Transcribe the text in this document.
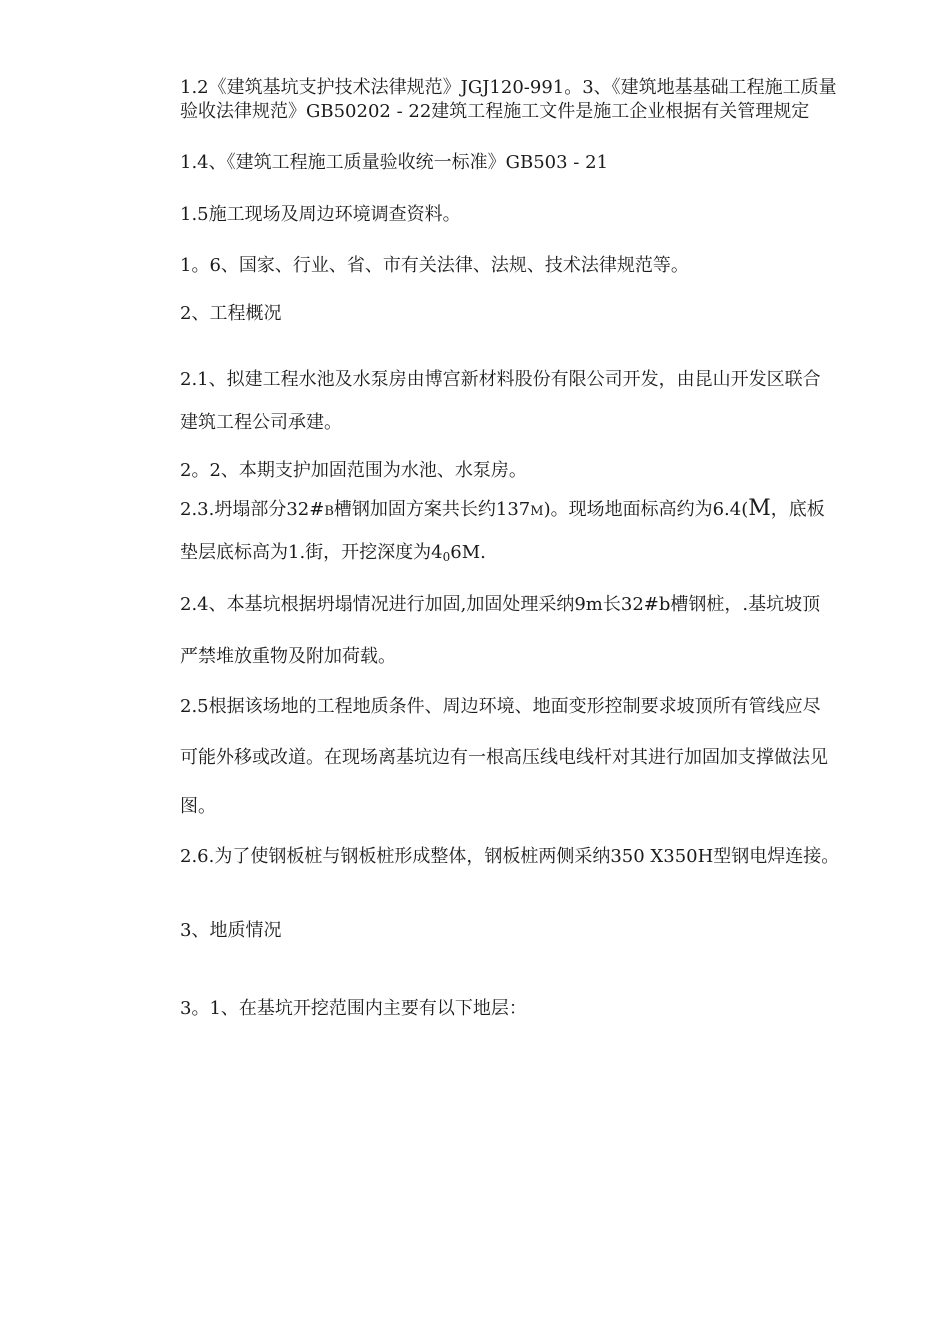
1.2《建筑基坑支护技术法律规范》JGJ120-991。3、《建筑地基基础工程施工质量
验收法律规范》GB50202 - 22建筑工程施工文件是施工企业根据有关管理规定
1.4、《建筑工程施工质量验收统一标准》GB503 - 21
1.5施工现场及周边环境调查资料。
1。6、国家、行业、省、市有关法律、法规、技术法律规范等。
2、工程概况
2.1、拟建工程水池及水泵房由博宫新材料股份有限公司开发，由昆山开发区联合
建筑工程公司承建。
2。2、本期支护加固范围为水池、水泵房。
2.3.坍塌部分32#B槽钢加固方案共长约137M)。现场地面标高约为6.4(M，底板
垫层底标高为1.街，开挖深度为$4_06M$.
2.4、本基坑根据坍塌情况进行加固,加固处理采纳9m长32#b槽钢桩，.基坑坡顶
严禁堆放重物及附加荷载。
2.5根据该场地的工程地质条件、周边环境、地面变形控制要求坡顶所有管线应尽
可能外移或改道。在现场离基坑边有一根高压线电线杆对其进行加固加支撑做法见
图。
2.6.为了使钢板桩与钢板桩形成整体，钢板桩两侧采纳350 X350H型钢电焊连接。
3、地质情况
3。1、在基坑开挖范围内主要有以下地层：
